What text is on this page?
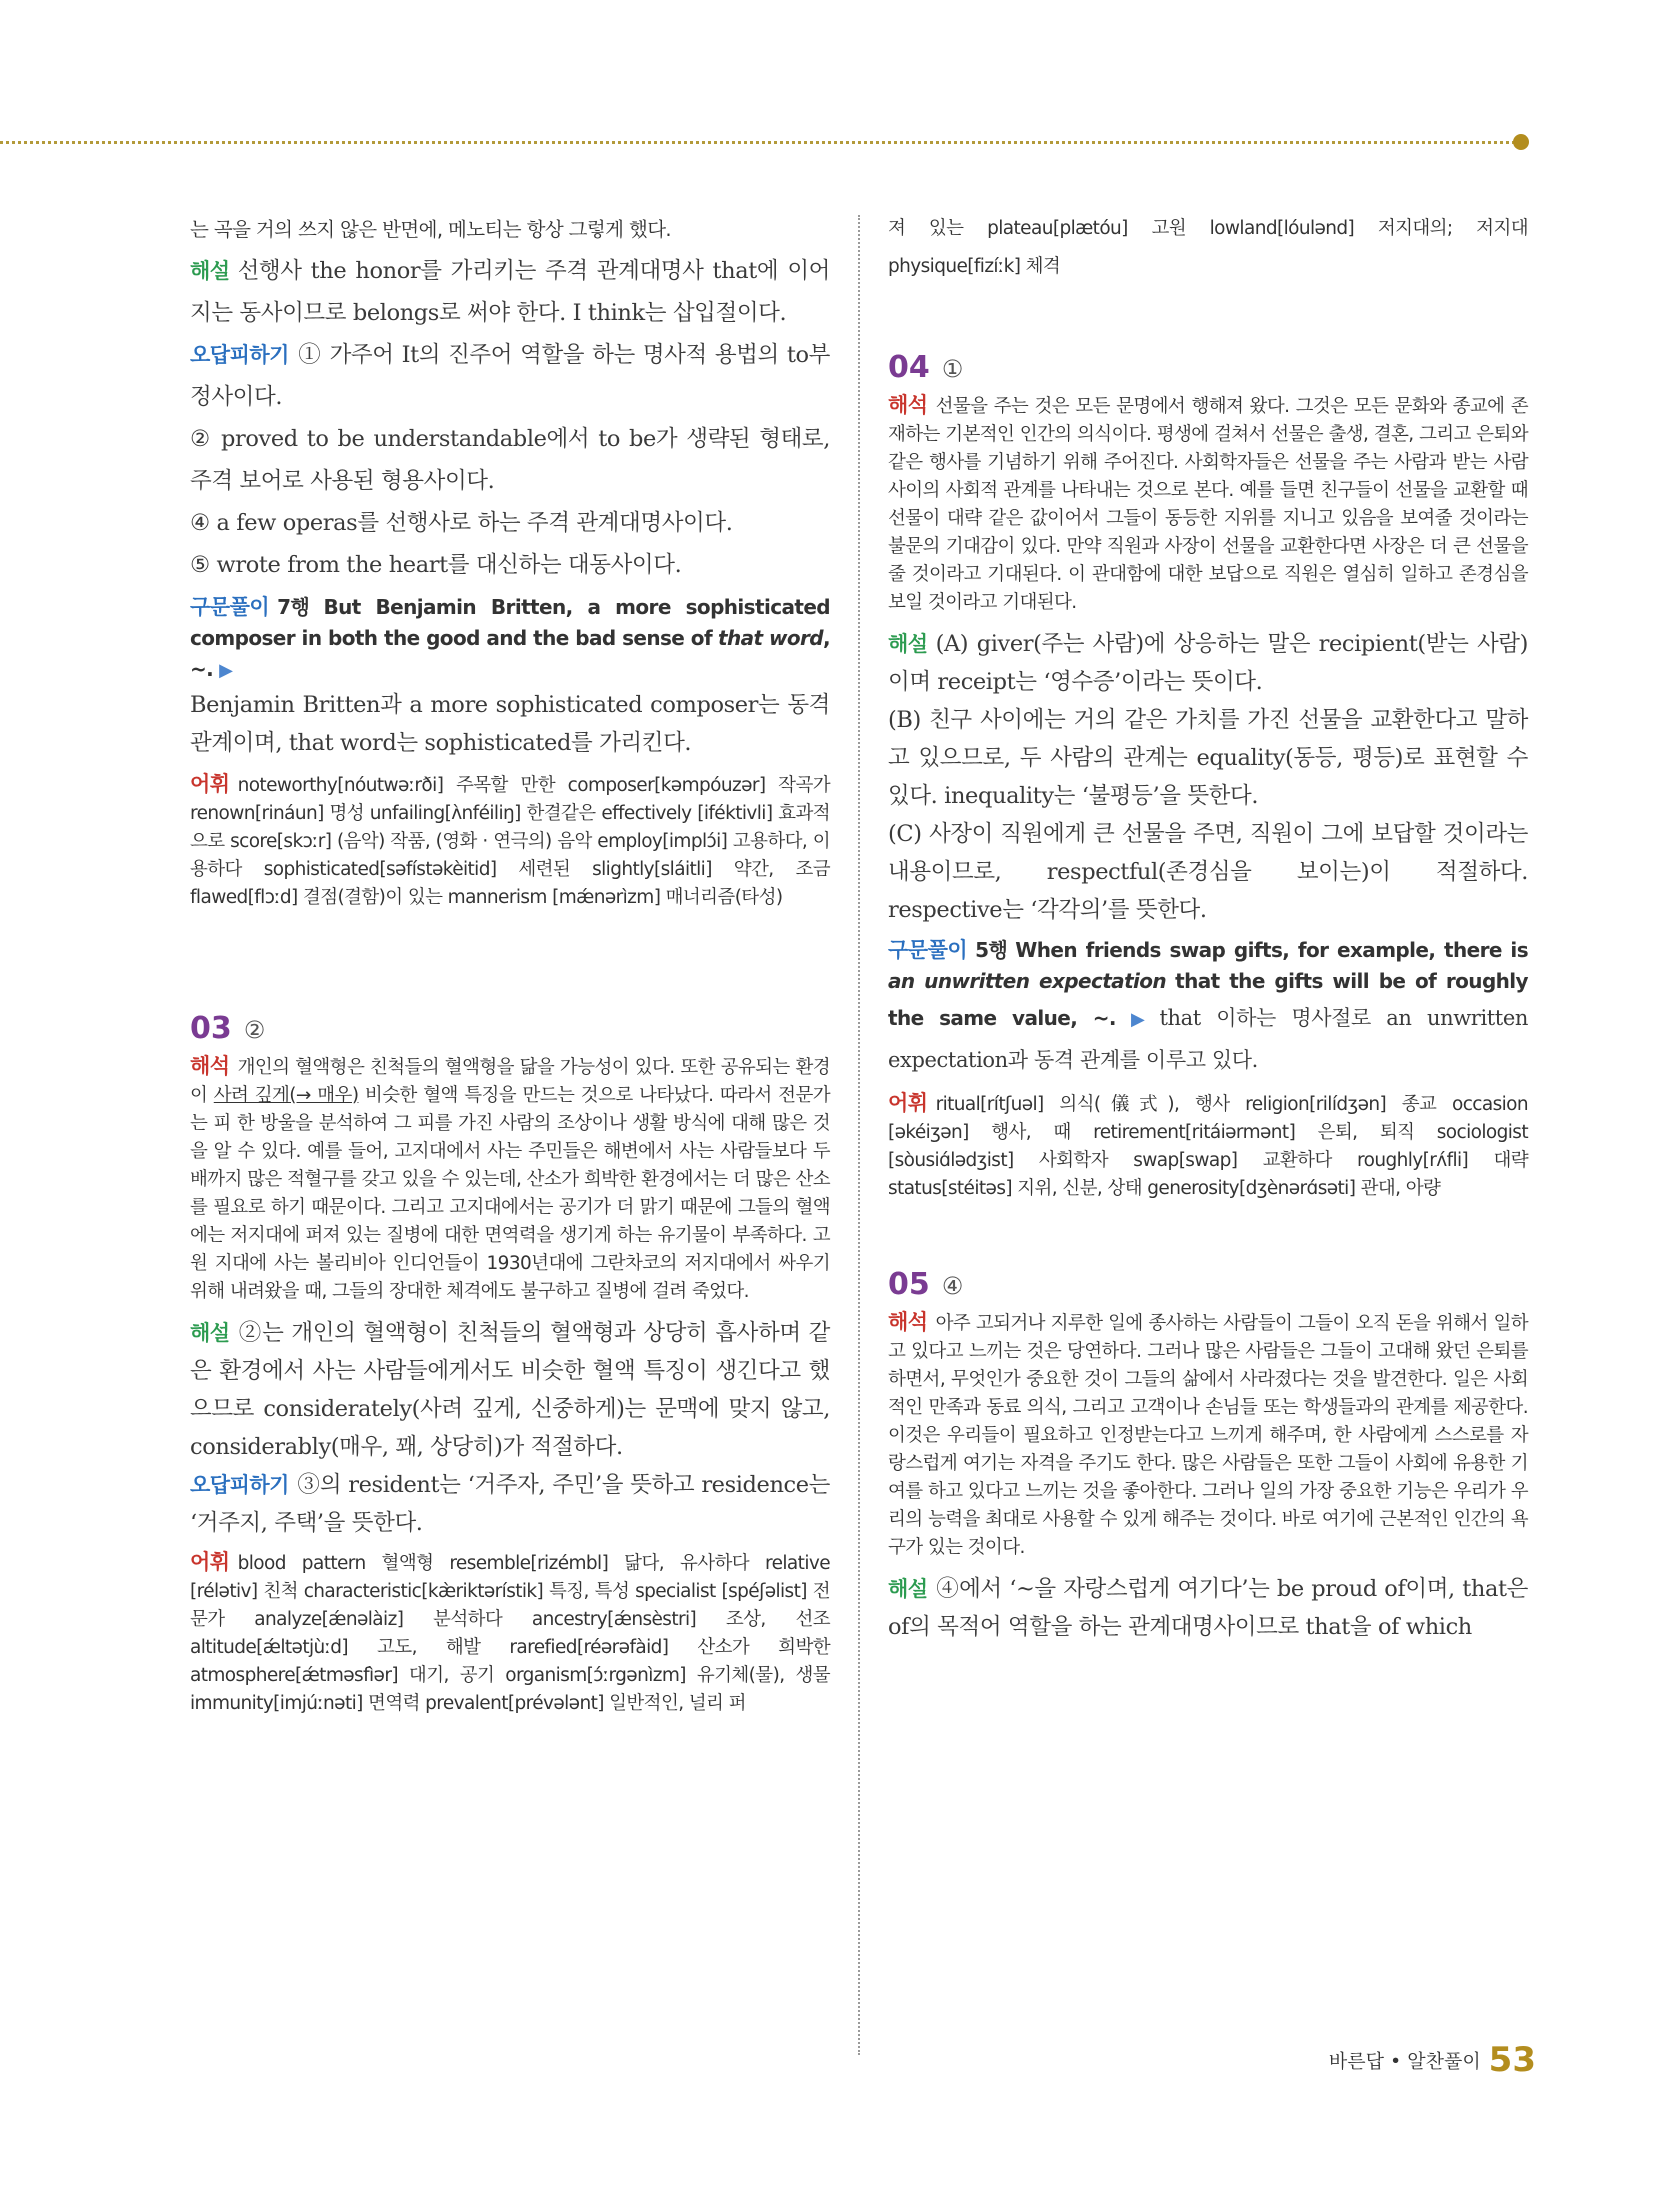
는 곡을 거의 쓰지 않은 반면에, 메노티는 항상 그렇게 했다.

해설 선행사 the honor를 가리키는 주격 관계대명사 that에 이어지는 동사이므로 belongs로 써야 한다. I think는 삽입절이다.

오답피하기 ① 가주어 It의 진주어 역할을 하는 명사적 용법의 to부정사이다.

② proved to be understandable에서 to be가 생략된 형태로, 주격 보어로 사용된 형용사이다.

④ a few operas를 선행사로 하는 주격 관계대명사이다.

⑤ wrote from the heart를 대신하는 대동사이다.

구문풀이 7행 But Benjamin Britten, a more sophisticated composer in both the good and the bad sense of that word, ~. ▶

Benjamin Britten과 a more sophisticated composer는 동격관계이며, that word는 sophisticated를 가리킨다.

어휘 noteworthy[nóutwəːrði] 주목할 만한 composer[kəmpóuzər] 작곡가 renown[rináun] 명성 unfailing[ʌ̀nféiliŋ] 한결같은 effectively [iféktivli] 효과적으로 score[skɔːr] (음악) 작품, (영화 · 연극의) 음악 employ[implɔ́i] 고용하다, 이용하다 sophisticated[səfístəkèitid] 세련된 slightly[sláitli] 약간, 조금 flawed[flɔːd] 결점(결함)이 있는 mannerism [mǽnərìzm] 매너리즘(타성)

03 ②

해석 개인의 혈액형은 친척들의 혈액형을 닮을 가능성이 있다. 또한 공유되는 환경이 사려 깊게(→ 매우) 비슷한 혈액 특징을 만드는 것으로 나타났다. 따라서 전문가는 피 한 방울을 분석하여 그 피를 가진 사람의 조상이나 생활 방식에 대해 많은 것을 알 수 있다. 예를 들어, 고지대에서 사는 주민들은 해변에서 사는 사람들보다 두 배까지 많은 적혈구를 갖고 있을 수 있는데, 산소가 희박한 환경에서는 더 많은 산소를 필요로 하기 때문이다. 그리고 고지대에서는 공기가 더 맑기 때문에 그들의 혈액에는 저지대에 퍼져 있는 질병에 대한 면역력을 생기게 하는 유기물이 부족하다. 고원 지대에 사는 볼리비아 인디언들이 1930년대에 그란차코의 저지대에서 싸우기 위해 내려왔을 때, 그들의 장대한 체격에도 불구하고 질병에 걸려 죽었다.

해설 ②는 개인의 혈액형이 친척들의 혈액형과 상당히 흡사하며 같은 환경에서 사는 사람들에게서도 비슷한 혈액 특징이 생긴다고 했으므로 considerately(사려 깊게, 신중하게)는 문맥에 맞지 않고, considerably(매우, 꽤, 상당히)가 적절하다.

오답피하기 ③의 resident는 ‘거주자, 주민’을 뜻하고 residence는 ‘거주지, 주택’을 뜻한다.

어휘 blood pattern 혈액형 resemble[rizémbl] 닮다, 유사하다 relative [rélətiv] 친척 characteristic[kæ̀riktərístik] 특징, 특성 specialist [spéʃəlist] 전문가 analyze[ǽnəlàiz] 분석하다 ancestry[ǽnsèstri] 조상, 선조 altitude[ǽltətjùːd] 고도, 해발 rarefied[réərəfàid] 산소가 희박한 atmosphere[ǽtməsfìər] 대기, 공기 organism[ɔ́ːrgənìzm] 유기체(물), 생물 immunity[imjúːnəti] 면역력 prevalent[prévələnt] 일반적인, 널리 퍼

져 있는 plateau[plætóu] 고원 lowland[lóulənd] 저지대의; 저지대 physique[fizíːk] 체격

04 ①

해석 선물을 주는 것은 모든 문명에서 행해져 왔다. 그것은 모든 문화와 종교에 존재하는 기본적인 인간의 의식이다. 평생에 걸쳐서 선물은 출생, 결혼, 그리고 은퇴와 같은 행사를 기념하기 위해 주어진다. 사회학자들은 선물을 주는 사람과 받는 사람 사이의 사회적 관계를 나타내는 것으로 본다. 예를 들면 친구들이 선물을 교환할 때 선물이 대략 같은 값이어서 그들이 동등한 지위를 지니고 있음을 보여줄 것이라는 불문의 기대감이 있다. 만약 직원과 사장이 선물을 교환한다면 사장은 더 큰 선물을 줄 것이라고 기대된다. 이 관대함에 대한 보답으로 직원은 열심히 일하고 존경심을 보일 것이라고 기대된다.

해설 (A) giver(주는 사람)에 상응하는 말은 recipient(받는 사람)이며 receipt는 ‘영수증’이라는 뜻이다.

(B) 친구 사이에는 거의 같은 가치를 가진 선물을 교환한다고 말하고 있으므로, 두 사람의 관계는 equality(동등, 평등)로 표현할 수 있다. inequality는 ‘불평등’을 뜻한다.

(C) 사장이 직원에게 큰 선물을 주면, 직원이 그에 보답할 것이라는 내용이므로, respectful(존경심을 보이는)이 적절하다. respective는 ‘각각의’를 뜻한다.

구문풀이 5행 When friends swap gifts, for example, there is an unwritten expectation that the gifts will be of roughly the same value, ~. ▶ that 이하는 명사절로 an unwritten expectation과 동격 관계를 이루고 있다.

어휘 ritual[rítʃuəl] 의식(儀式), 행사 religion[rilídʒən] 종교 occasion [əkéiʒən] 행사, 때 retirement[ritáiərmənt] 은퇴, 퇴직 sociologist [sòusiɑ́lədʒist] 사회학자 swap[swap] 교환하다 roughly[rʌ́fli] 대략 status[stéitəs] 지위, 신분, 상태 generosity[dʒènərɑ́səti] 관대, 아량

05 ④

해석 아주 고되거나 지루한 일에 종사하는 사람들이 그들이 오직 돈을 위해서 일하고 있다고 느끼는 것은 당연하다. 그러나 많은 사람들은 그들이 고대해 왔던 은퇴를 하면서, 무엇인가 중요한 것이 그들의 삶에서 사라졌다는 것을 발견한다. 일은 사회적인 만족과 동료 의식, 그리고 고객이나 손님들 또는 학생들과의 관계를 제공한다. 이것은 우리들이 필요하고 인정받는다고 느끼게 해주며, 한 사람에게 스스로를 자랑스럽게 여기는 자격을 주기도 한다. 많은 사람들은 또한 그들이 사회에 유용한 기여를 하고 있다고 느끼는 것을 좋아한다. 그러나 일의 가장 중요한 기능은 우리가 우리의 능력을 최대로 사용할 수 있게 해주는 것이다. 바로 여기에 근본적인 인간의 욕구가 있는 것이다.

해설 ④에서 ‘~을 자랑스럽게 여기다’는 be proud of이며, that은 of의 목적어 역할을 하는 관계대명사이므로 that을 of which

바른답 • 알찬풀이 53
